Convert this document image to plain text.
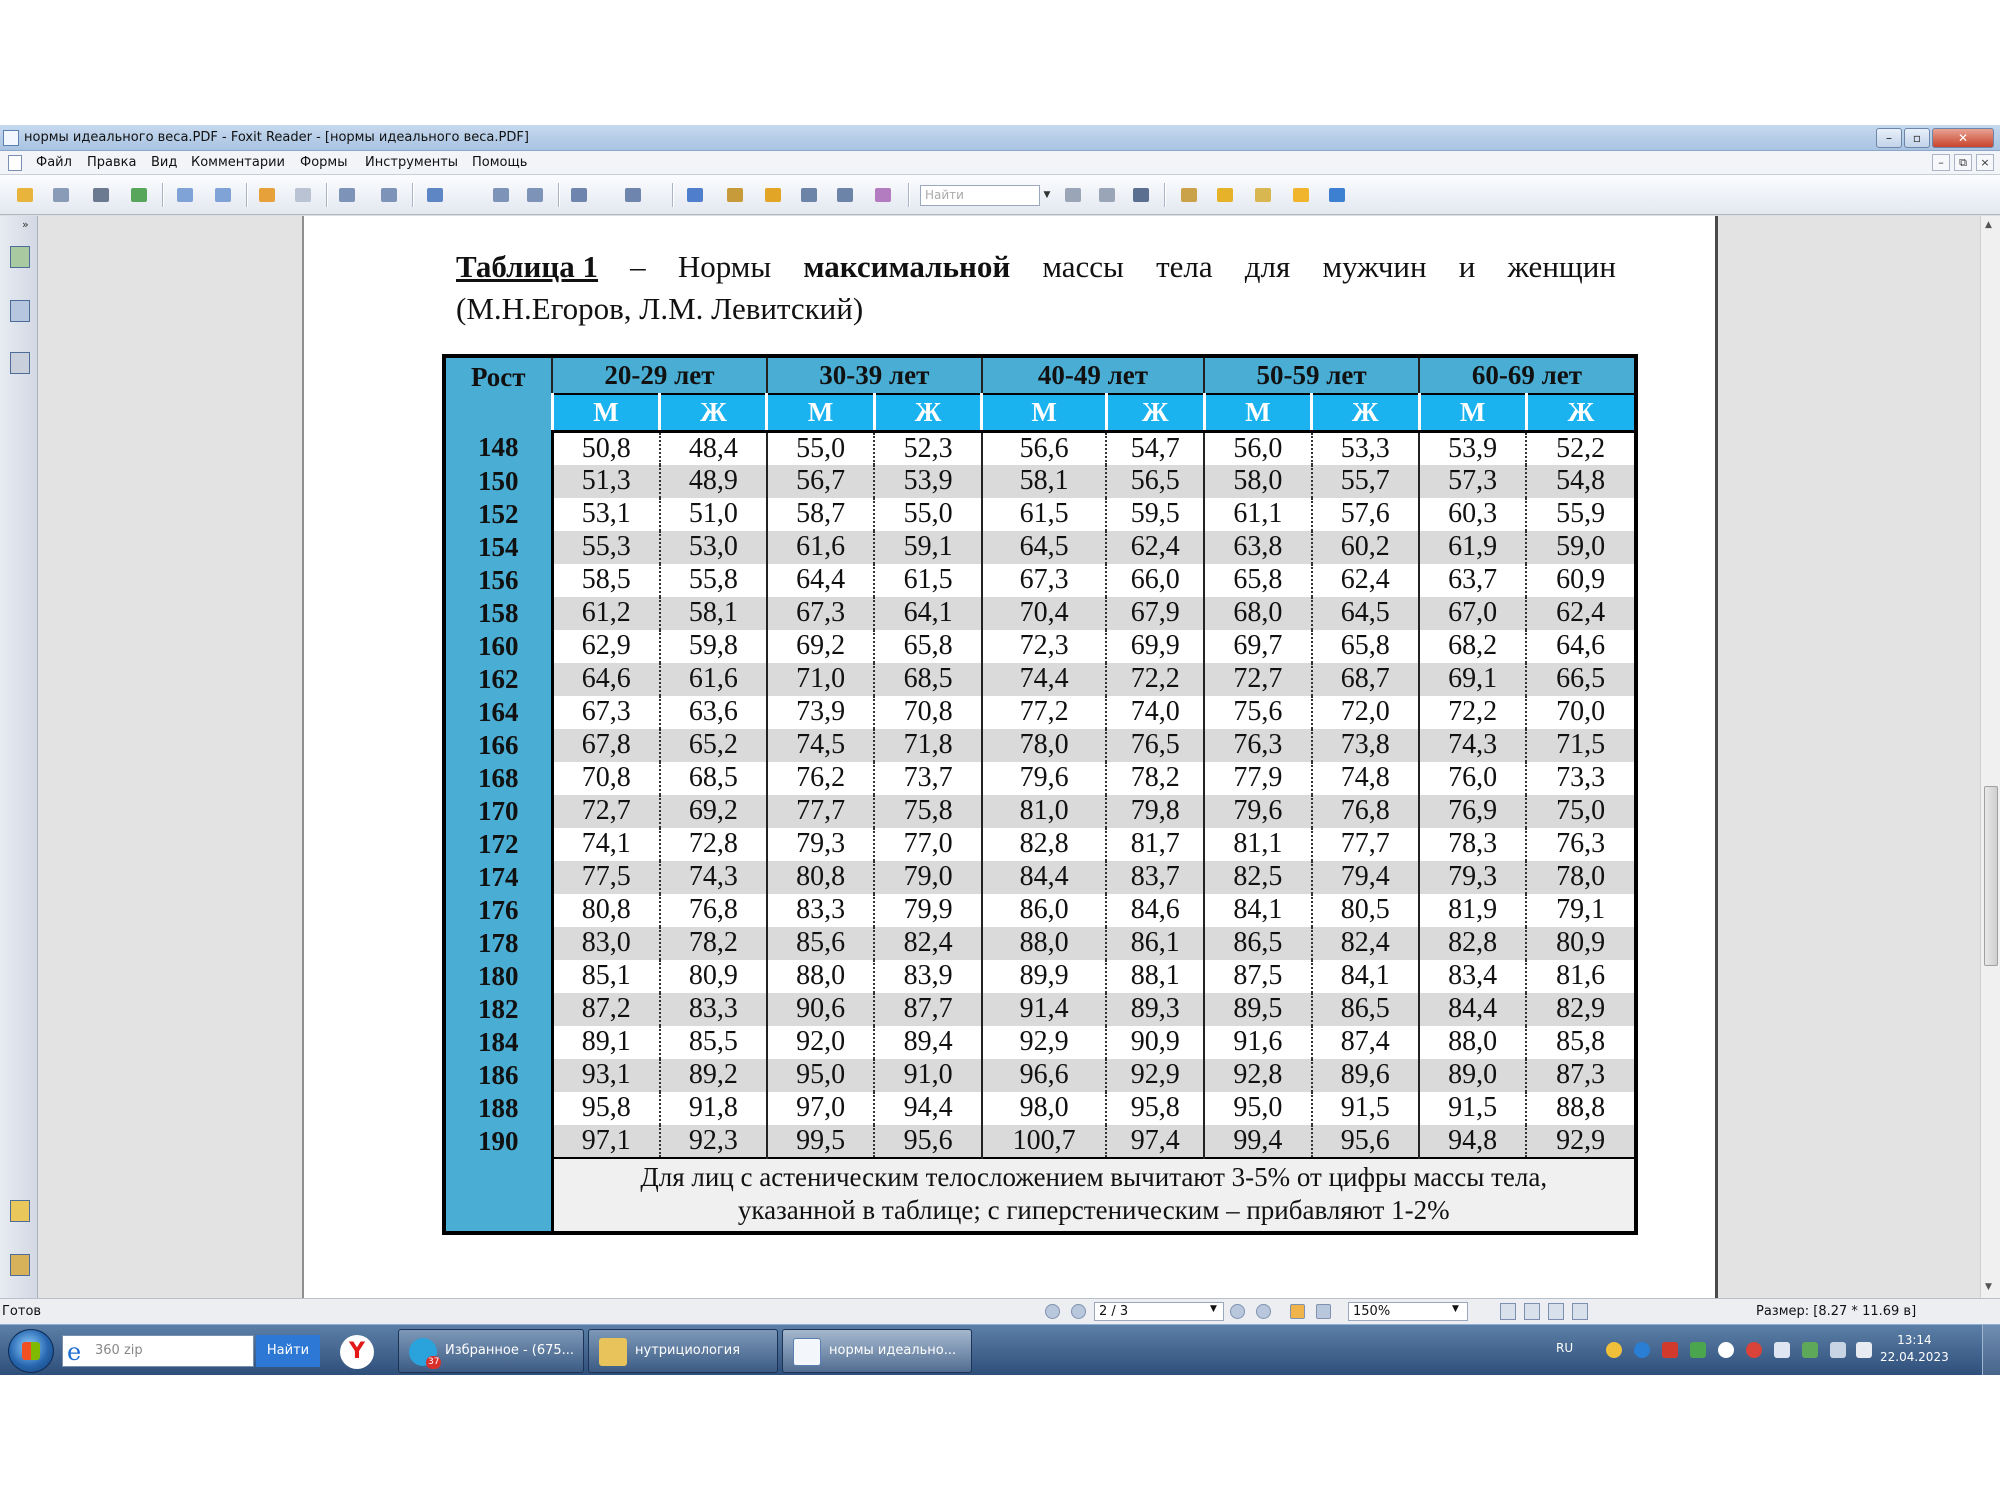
нормы идеального веса.PDF - Foxit Reader - [нормы идеального веса.PDF]	–	▫	✕
Файл Правка Вид Комментарии Формы Инструменты Помощь	–	⧉	×
Найти	▼
»
Таблица 1 – Нормы максимальной массы тела для мужчин и женщин
(М.Н.Егоров, Л.М. Левитский)
Рост	20-29 лет		30-39 лет		40-49 лет		50-59 лет		60-69 лет	
	М	Ж	М	Ж	М	Ж	М	Ж	М	Ж
148	50,8	48,4	55,0	52,3	56,6	54,7	56,0	53,3	53,9	52,2
150	51,3	48,9	56,7	53,9	58,1	56,5	58,0	55,7	57,3	54,8
152	53,1	51,0	58,7	55,0	61,5	59,5	61,1	57,6	60,3	55,9
154	55,3	53,0	61,6	59,1	64,5	62,4	63,8	60,2	61,9	59,0
156	58,5	55,8	64,4	61,5	67,3	66,0	65,8	62,4	63,7	60,9
158	61,2	58,1	67,3	64,1	70,4	67,9	68,0	64,5	67,0	62,4
160	62,9	59,8	69,2	65,8	72,3	69,9	69,7	65,8	68,2	64,6
162	64,6	61,6	71,0	68,5	74,4	72,2	72,7	68,7	69,1	66,5
164	67,3	63,6	73,9	70,8	77,2	74,0	75,6	72,0	72,2	70,0
166	67,8	65,2	74,5	71,8	78,0	76,5	76,3	73,8	74,3	71,5
168	70,8	68,5	76,2	73,7	79,6	78,2	77,9	74,8	76,0	73,3
170	72,7	69,2	77,7	75,8	81,0	79,8	79,6	76,8	76,9	75,0
172	74,1	72,8	79,3	77,0	82,8	81,7	81,1	77,7	78,3	76,3
174	77,5	74,3	80,8	79,0	84,4	83,7	82,5	79,4	79,3	78,0
176	80,8	76,8	83,3	79,9	86,0	84,6	84,1	80,5	81,9	79,1
178	83,0	78,2	85,6	82,4	88,0	86,1	86,5	82,4	82,8	80,9
180	85,1	80,9	88,0	83,9	89,9	88,1	87,5	84,1	83,4	81,6
182	87,2	83,3	90,6	87,7	91,4	89,3	89,5	86,5	84,4	82,9
184	89,1	85,5	92,0	89,4	92,9	90,9	91,6	87,4	88,0	85,8
186	93,1	89,2	95,0	91,0	96,6	92,9	92,8	89,6	89,0	87,3
188	95,8	91,8	97,0	94,4	98,0	95,8	95,0	91,5	91,5	88,8
190	97,1	92,3	99,5	95,6	100,7	97,4	99,4	95,6	94,8	92,9

	Для лиц с астеническим телосложением вычитают 3-5% от цифры массы тела,
указанной в таблице; с гиперстеническим – прибавляют 1-2%									
▲
▼
Готов	2 / 3	▼	150%	▼	Размер: [8.27 * 11.69 в]
e 360 zip	Найти	Y	37
Избранное - (675...	нутрициология	нормы идеально...	RU
13:14
22.04.2023
